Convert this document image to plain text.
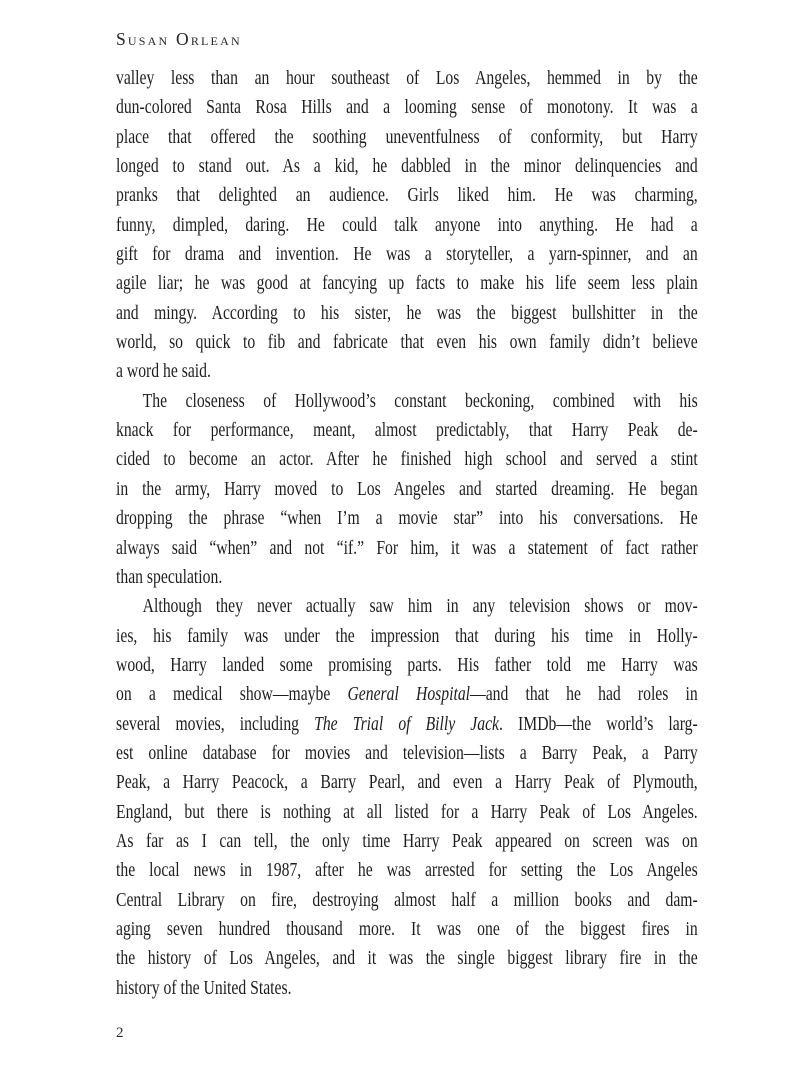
Susan Orlean
valley less than an hour southeast of Los Angeles, hemmed in by the
dun-colored Santa Rosa Hills and a looming sense of monotony. It was a
place that offered the soothing uneventfulness of conformity, but Harry
longed to stand out. As a kid, he dabbled in the minor delinquencies and
pranks that delighted an audience. Girls liked him. He was charming,
funny, dimpled, daring. He could talk anyone into anything. He had a
gift for drama and invention. He was a storyteller, a yarn-spinner, and an
agile liar; he was good at fancying up facts to make his life seem less plain
and mingy. According to his sister, he was the biggest bullshitter in the
world, so quick to fib and fabricate that even his own family didn’t believe
a word he said.
The closeness of Hollywood’s constant beckoning, combined with his
knack for performance, meant, almost predictably, that Harry Peak de-
cided to become an actor. After he finished high school and served a stint
in the army, Harry moved to Los Angeles and started dreaming. He began
dropping the phrase “when I’m a movie star” into his conversations. He
always said “when” and not “if.” For him, it was a statement of fact rather
than speculation.
Although they never actually saw him in any television shows or mov-
ies, his family was under the impression that during his time in Holly-
wood, Harry landed some promising parts. His father told me Harry was
on a medical show—maybe General Hospital—and that he had roles in
several movies, including The Trial of Billy Jack. IMDb—the world’s larg-
est online database for movies and television—lists a Barry Peak, a Parry
Peak, a Harry Peacock, a Barry Pearl, and even a Harry Peak of Plymouth,
England, but there is nothing at all listed for a Harry Peak of Los Angeles.
As far as I can tell, the only time Harry Peak appeared on screen was on
the local news in 1987, after he was arrested for setting the Los Angeles
Central Library on fire, destroying almost half a million books and dam-
aging seven hundred thousand more. It was one of the biggest fires in
the history of Los Angeles, and it was the single biggest library fire in the
history of the United States.
2
